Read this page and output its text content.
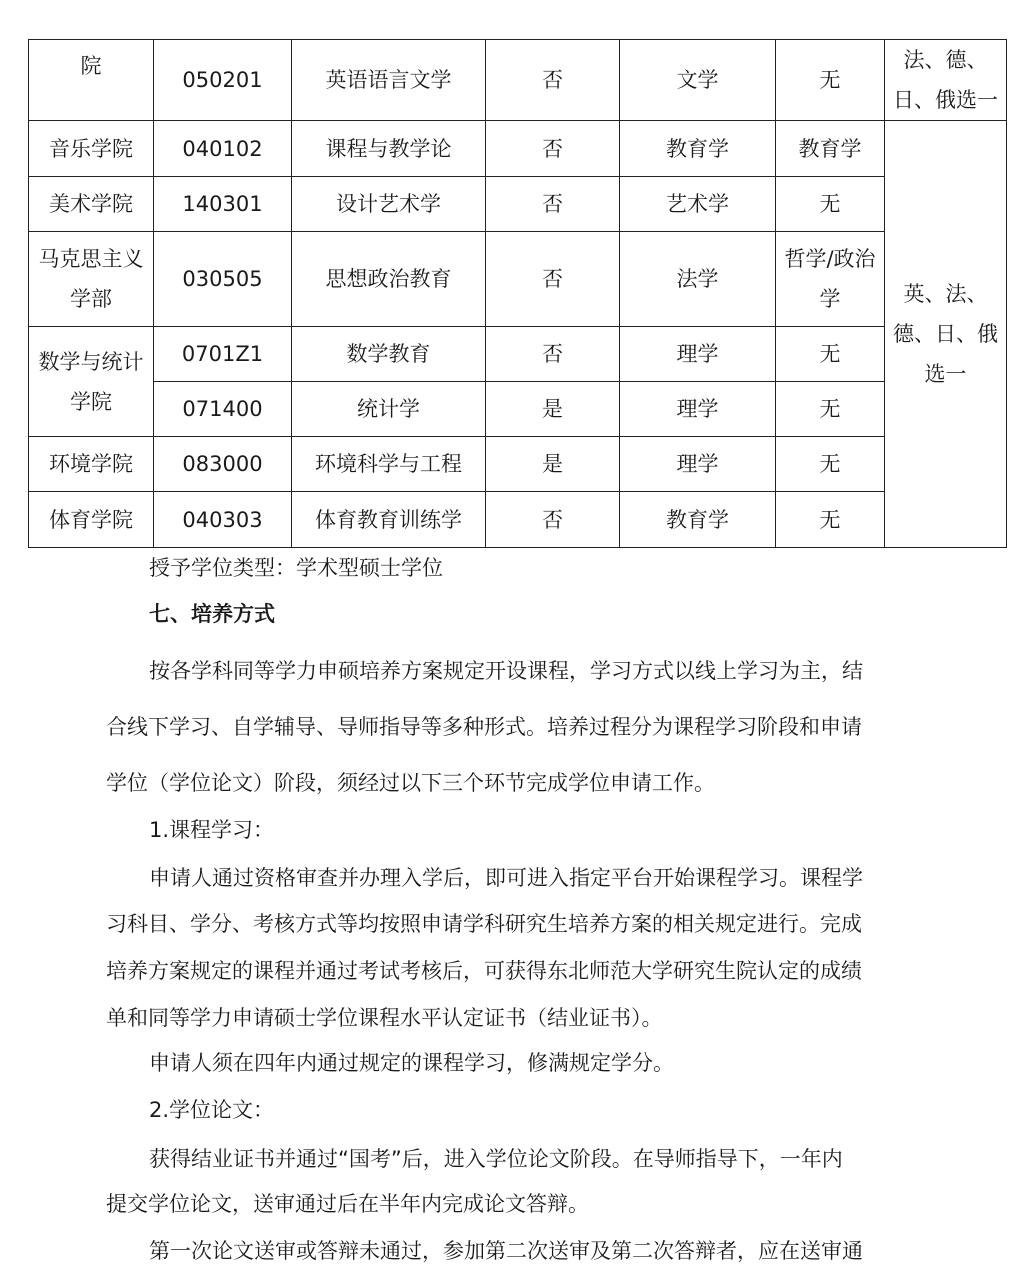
院	050201	英语语言文学	否	文学	无	法、德、日、俄选一
音乐学院	040102	课程与教学论	否	教育学	教育学	英、法、德、日、俄选一
美术学院	140301	设计艺术学	否	艺术学	无	
马克思主义学部	030505	思想政治教育	否	法学	哲学/政治学	
数学与统计学院	0701Z1	数学教育	否	理学	无	
	071400	统计学	是	理学	无	
环境学院	083000	环境科学与工程	是	理学	无	
体育学院	040303	体育教育训练学	否	教育学	无	

授予学位类型：学术型硕士学位

七、培养方式

按各学科同等学力申硕培养方案规定开设课程，学习方式以线上学习为主，结

合线下学习、自学辅导、导师指导等多种形式。培养过程分为课程学习阶段和申请

学位（学位论文）阶段，须经过以下三个环节完成学位申请工作。

1.课程学习：

申请人通过资格审查并办理入学后，即可进入指定平台开始课程学习。课程学

习科目、学分、考核方式等均按照申请学科研究生培养方案的相关规定进行。完成

培养方案规定的课程并通过考试考核后，可获得东北师范大学研究生院认定的成绩

单和同等学力申请硕士学位课程水平认定证书（结业证书）。

申请人须在四年内通过规定的课程学习，修满规定学分。

2.学位论文：

获得结业证书并通过“国考”后，进入学位论文阶段。在导师指导下，一年内

提交学位论文，送审通过后在半年内完成论文答辩。

第一次论文送审或答辩未通过，参加第二次送审及第二次答辩者，应在送审通
